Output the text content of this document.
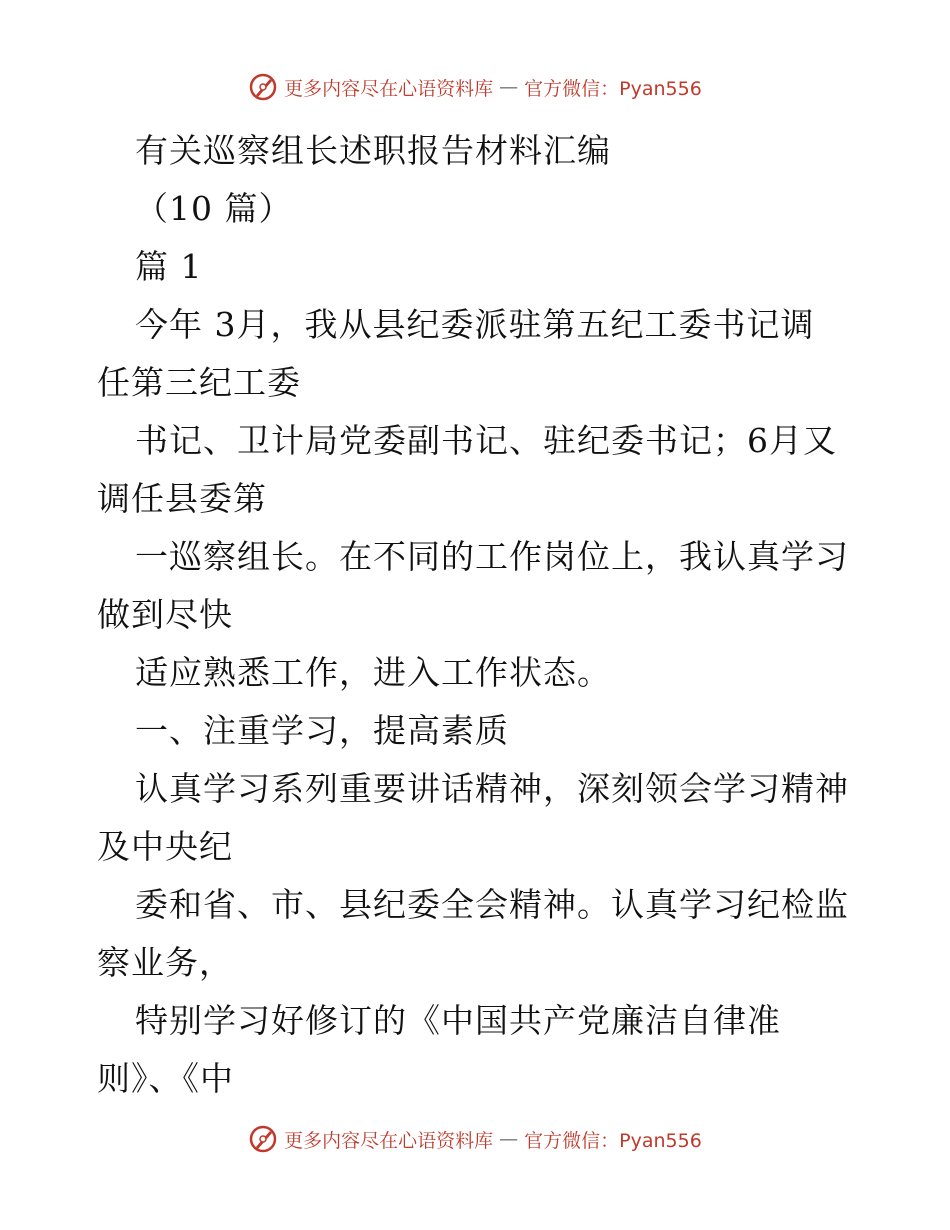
更多内容尽在心语资料库 — 官方微信：Pyan556
有关巡察组长述职报告材料汇编
（10 篇）
篇 1
今年 3月，我从县纪委派驻第五纪工委书记调
任第三纪工委
书记、卫计局党委副书记、驻纪委书记；6月又
调任县委第
一巡察组长。在不同的工作岗位上，我认真学习
做到尽快
适应熟悉工作，进入工作状态。
一、注重学习，提高素质
认真学习系列重要讲话精神，深刻领会学习精神
及中央纪
委和省、市、县纪委全会精神。认真学习纪检监
察业务，
特别学习好修订的《中国共产党廉洁自律准
则》、《中
更多内容尽在心语资料库 — 官方微信：Pyan556
